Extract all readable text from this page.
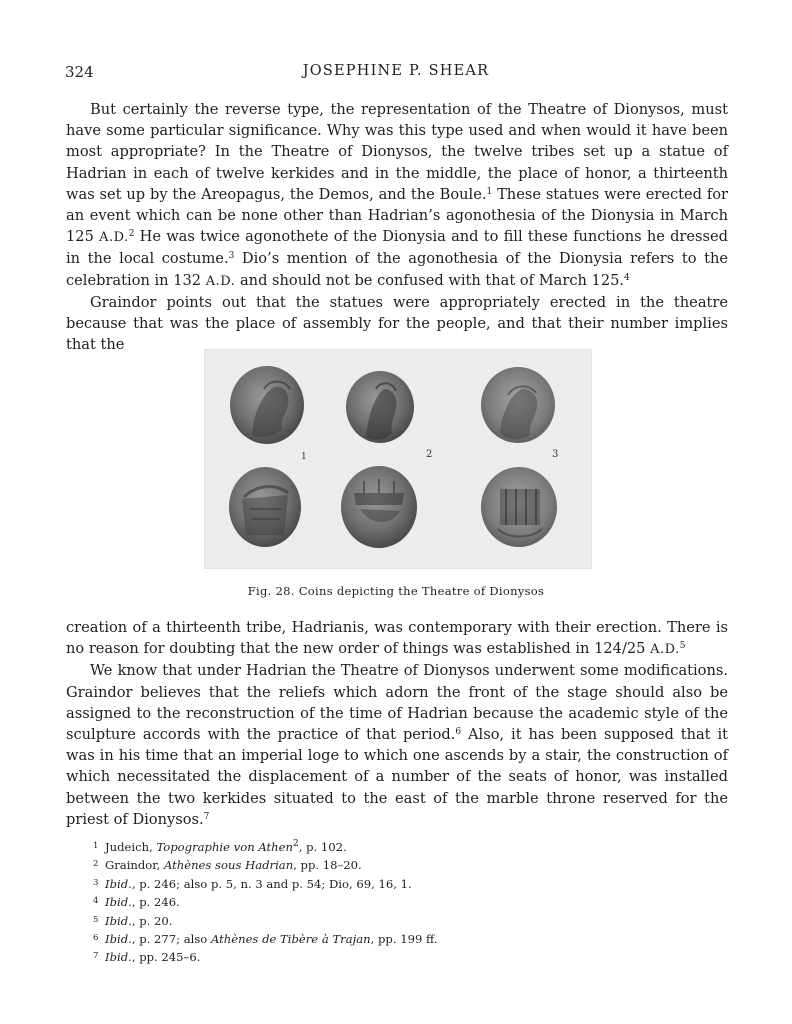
324	JOSEPHINE P. SHEAR

But certainly the reverse type, the representation of the Theatre of Dionysos, must have some particular significance. Why was this type used and when would it have been most appropriate? In the Theatre of Dionysos, the twelve tribes set up a statue of Hadrian in each of twelve kerkides and in the middle, the place of honor, a thirteenth was set up by the Areopagus, the Demos, and the Boule.$^1$ These statues were erected for an event which can be none other than Hadrian’s agonothesia of the Dionysia in March 125 A.D.$^2$ He was twice agonothete of the Dionysia and to fill these functions he dressed in the local costume.$^3$ Dio’s mention of the agonothesia of the Dionysia refers to the celebration in 132 A.D. and should not be confused with that of March 125.$^4$

Graindor points out that the statues were appropriately erected in the theatre because that was the place of assembly for the people, and that their number implies that the

1	2	3
Fig. 28. Coins depicting the Theatre of Dionysos

creation of a thirteenth tribe, Hadrianis, was contemporary with their erection. There is no reason for doubting that the new order of things was established in 124/25 A.D.$^5$

We know that under Hadrian the Theatre of Dionysos underwent some modifications. Graindor believes that the reliefs which adorn the front of the stage should also be assigned to the reconstruction of the time of Hadrian because the academic style of the sculpture accords with the practice of that period.$^6$ Also, it has been supposed that it was in his time that an imperial loge to which one ascends by a stair, the construction of which necessitated the displacement of a number of the seats of honor, was installed between the two kerkides situated to the east of the marble throne reserved for the priest of Dionysos.$^7$

1 Judeich, Topographie von Athen$^2$, p. 102.
2 Graindor, Athènes sous Hadrian, pp. 18–20.
3 Ibid., p. 246; also p. 5, n. 3 and p. 54; Dio, 69, 16, 1.
4 Ibid., p. 246.
5 Ibid., p. 20.
6 Ibid., p. 277; also Athènes de Tibère à Trajan, pp. 199 ff.
7 Ibid., pp. 245–6.
